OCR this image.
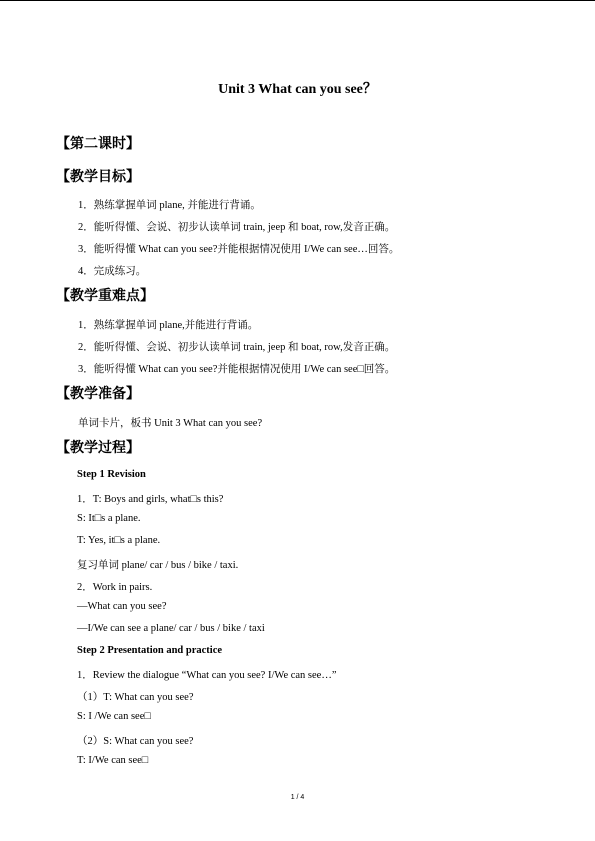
Unit 3 What can you see？
【第二课时】
【教学目标】
1．熟练掌握单词 plane, 并能进行背诵。
2．能听得懂、会说、初步认读单词 train, jeep 和 boat, row,发音正确。
3．能听得懂 What can you see?并能根据情况使用 I/We can see…回答。
4．完成练习。
【教学重难点】
1．熟练掌握单词 plane,并能进行背诵。
2．能听得懂、会说、初步认读单词 train, jeep 和 boat, row,发音正确。
3．能听得懂 What can you see?并能根据情况使用 I/We can see□回答。
【教学准备】
单词卡片，板书 Unit 3 What can you see?
【教学过程】
Step 1 Revision
1．T: Boys and girls, what□s this?
S: It□s a plane.
T: Yes, it□s a plane.
复习单词 plane/ car / bus / bike / taxi.
2．Work in pairs.
—What can you see?
—I/We can see a plane/ car / bus / bike / taxi
Step 2 Presentation and practice
1．Review the dialogue “What can you see? I/We can see…”
（1）T: What can you see?
S: I /We can see□
（2）S: What can you see?
T: I/We can see□
1 / 4
